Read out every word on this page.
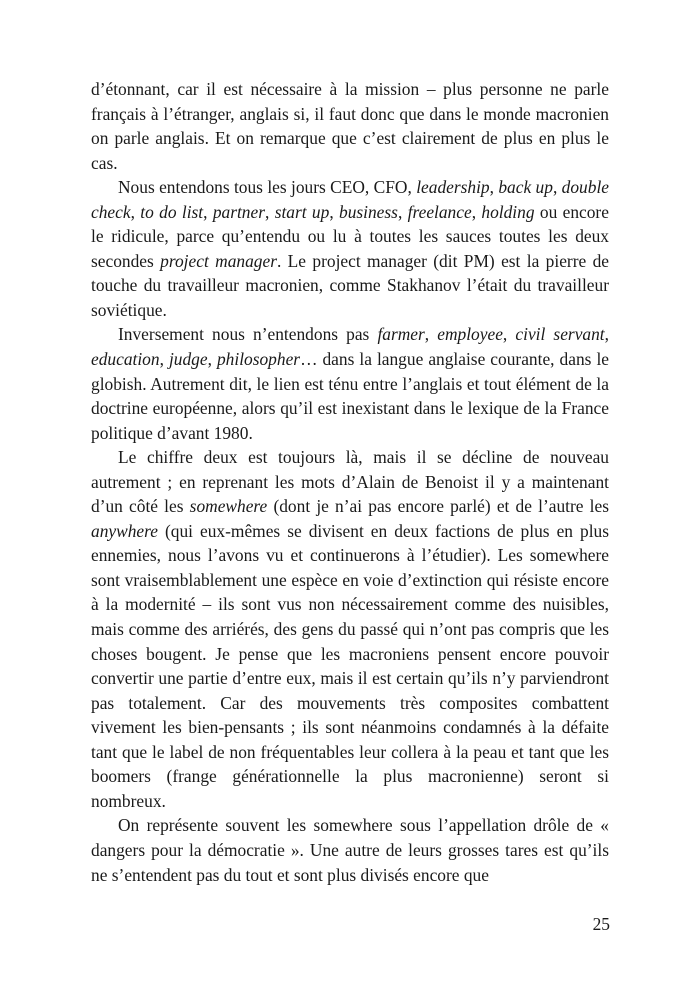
d’étonnant, car il est nécessaire à la mission – plus personne ne parle français à l’étranger, anglais si, il faut donc que dans le monde macronien on parle anglais. Et on remarque que c’est clairement de plus en plus le cas.

Nous entendons tous les jours CEO, CFO, leadership, back up, double check, to do list, partner, start up, business, freelance, holding ou encore le ridicule, parce qu’entendu ou lu à toutes les sauces toutes les deux secondes project manager. Le project manager (dit PM) est la pierre de touche du travailleur macronien, comme Stakhanov l’était du travailleur soviétique.

Inversement nous n’entendons pas farmer, employee, civil servant, education, judge, philosopher… dans la langue anglaise courante, dans le globish. Autrement dit, le lien est ténu entre l’anglais et tout élément de la doctrine européenne, alors qu’il est inexistant dans le lexique de la France politique d’avant 1980.

Le chiffre deux est toujours là, mais il se décline de nouveau autrement ; en reprenant les mots d’Alain de Benoist il y a maintenant d’un côté les somewhere (dont je n’ai pas encore parlé) et de l’autre les anywhere (qui eux-mêmes se divisent en deux factions de plus en plus ennemies, nous l’avons vu et continuerons à l’étudier). Les somewhere sont vraisemblablement une espèce en voie d’extinction qui résiste encore à la modernité – ils sont vus non nécessairement comme des nuisibles, mais comme des arriérés, des gens du passé qui n’ont pas compris que les choses bougent. Je pense que les macroniens pensent encore pouvoir convertir une partie d’entre eux, mais il est certain qu’ils n’y parviendront pas totalement. Car des mouvements très composites combattent vivement les bien-pensants ; ils sont néanmoins condamnés à la défaite tant que le label de non fréquentables leur collera à la peau et tant que les boomers (frange générationnelle la plus macronienne) seront si nombreux.

On représente souvent les somewhere sous l’appellation drôle de « dangers pour la démocratie ». Une autre de leurs grosses tares est qu’ils ne s’entendent pas du tout et sont plus divisés encore que

25
